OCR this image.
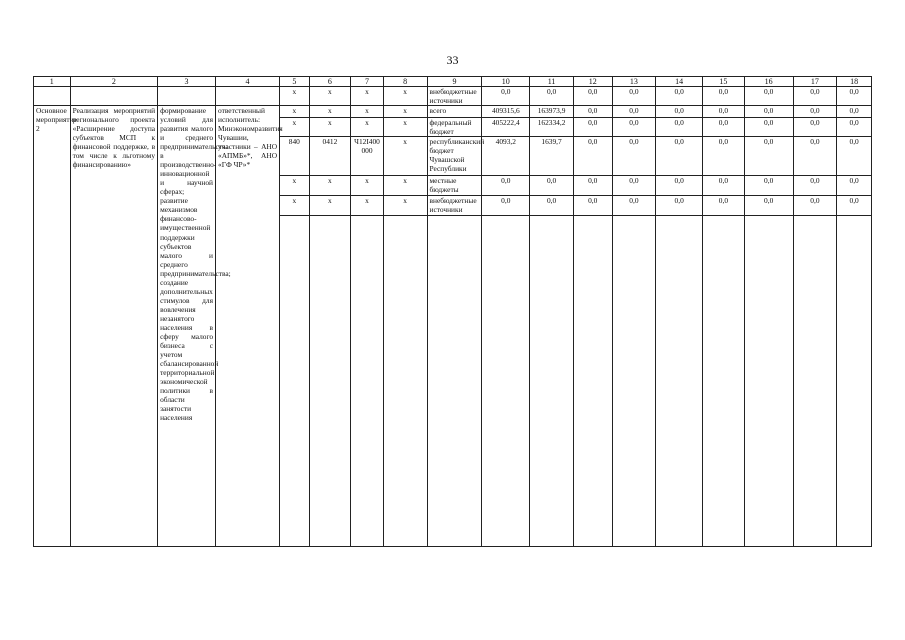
33
1	2	3	4	5	6	7	8	9	10	11	12	13	14	15	16	17	18
				x	x	x	x	внебюджетные источники	0,0	0,0	0,0	0,0	0,0	0,0	0,0	0,0	0,0
Основное мероприятие 2	Реализация мероприятий регионального проекта «Расширение доступа субъектов МСП к финансовой поддержке, в том числе к льготному финансированию»	формирование условий для развития малого и среднего предпринимательства в производственно-инновационной и научной сферах; развитие механизмов финансово-имущественной поддержки субъектов малого и среднего предпринимательства; создание дополнительных стимулов для вовлечения незанятого населения в сферу малого бизнеса с учетом сбалансированной территориальной экономической политики в области занятости населения	ответственный исполнитель: Минэкономразвития Чувашии, участники – АНО «АПМБ»*, АНО «ГФ ЧР»*	x	x	x	x	всего	409315,6	163973,9	0,0	0,0	0,0	0,0	0,0	0,0	0,0
				x	x	x	x	федеральный бюджет	405222,4	162334,2	0,0	0,0	0,0	0,0	0,0	0,0	0,0
				840	0412	Ч12I400000	x	республиканский бюджет Чувашской Республики	4093,2	1639,7	0,0	0,0	0,0	0,0	0,0	0,0	0,0
				x	x	x	x	местные бюджеты	0,0	0,0	0,0	0,0	0,0	0,0	0,0	0,0	0,0
				x	x	x	x	внебюджетные источники	0,0	0,0	0,0	0,0	0,0	0,0	0,0	0,0	0,0
